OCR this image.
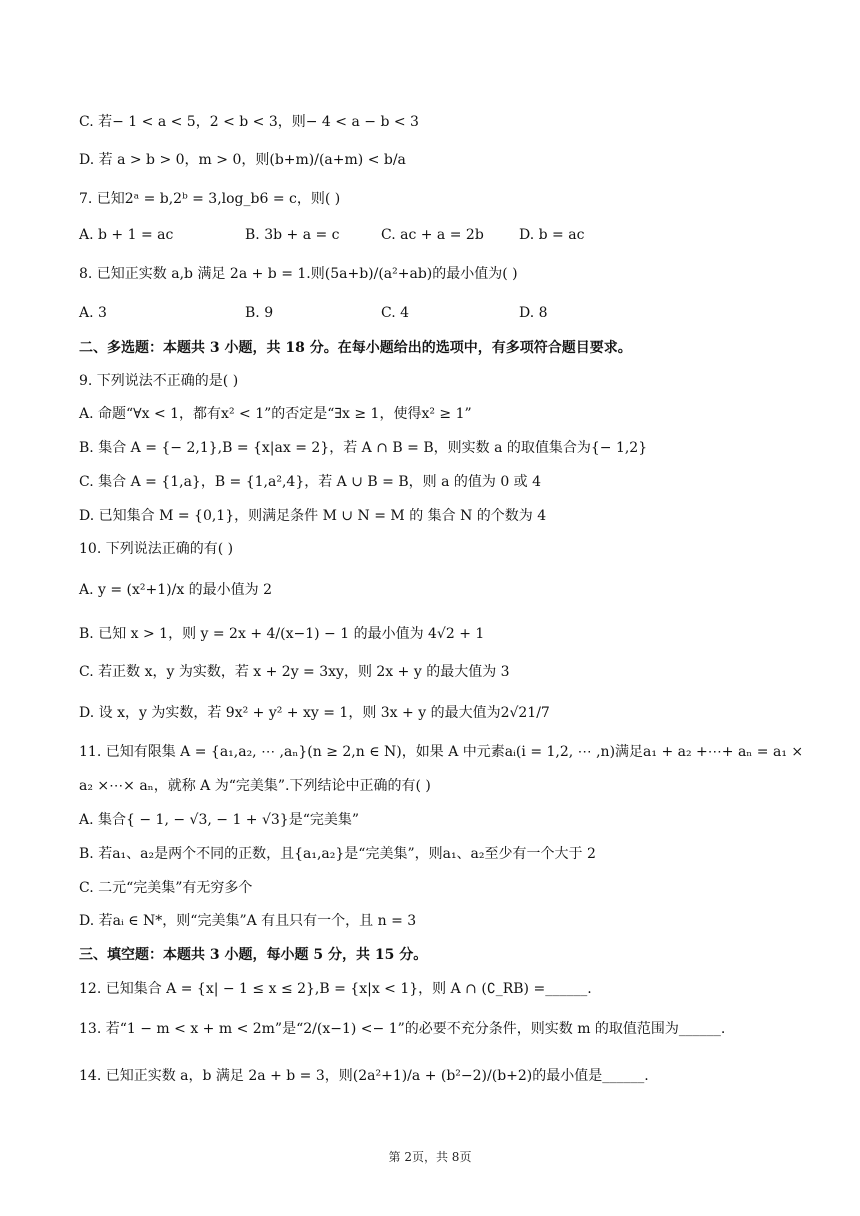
C. 若− 1 < a < 5，2 < b < 3，则− 4 < a − b < 3
D. 若 a > b > 0，m > 0，则(b+m)/(a+m) < b/a
7. 已知2ᵃ = b,2ᵇ = 3,log_b6 = c，则( )
A. b + 1 = ac	B. 3b + a = c	C. ac + a = 2b	D. b = ac
8. 已知正实数 a,b 满足 2a + b = 1.则(5a+b)/(a²+ab)的最小值为( )
A. 3	B. 9	C. 4	D. 8
二、多选题：本题共 3 小题，共 18 分。在每小题给出的选项中，有多项符合题目要求。
9. 下列说法不正确的是( )
A. 命题“∀x < 1，都有x² < 1”的否定是“∃x ≥ 1，使得x² ≥ 1”
B. 集合 A = {− 2,1},B = {x|ax = 2}，若 A ∩ B = B，则实数 a 的取值集合为{− 1,2}
C. 集合 A = {1,a}，B = {1,a²,4}，若 A ∪ B = B，则 a 的值为 0 或 4
D. 已知集合 M = {0,1}，则满足条件 M ∪ N = M 的 集合 N 的个数为 4
10. 下列说法正确的有( )
A. y = (x²+1)/x 的最小值为 2
B. 已知 x > 1，则 y = 2x + 4/(x−1) − 1 的最小值为 4√2 + 1
C. 若正数 x，y 为实数，若 x + 2y = 3xy，则 2x + y 的最大值为 3
D. 设 x，y 为实数，若 9x² + y² + xy = 1，则 3x + y 的最大值为2√21/7
11. 已知有限集 A = {a₁,a₂, ⋯ ,aₙ}(n ≥ 2,n ∈ N)，如果 A 中元素aᵢ(i = 1,2, ⋯ ,n)满足a₁ + a₂ +⋯+ aₙ = a₁ ×
a₂ ×⋯× aₙ，就称 A 为“完美集”.下列结论中正确的有( )
A. 集合{ − 1, − √3, − 1 + √3}是“完美集”
B. 若a₁、a₂是两个不同的正数，且{a₁,a₂}是“完美集”，则a₁、a₂至少有一个大于 2
C. 二元“完美集”有无穷多个
D. 若aᵢ ∈ N*，则“完美集”A 有且只有一个，且 n = 3
三、填空题：本题共 3 小题，每小题 5 分，共 15 分。
12. 已知集合 A = {x| − 1 ≤ x ≤ 2},B = {x|x < 1}，则 A ∩ (∁_RB) =______.
13. 若“1 − m < x + m < 2m”是“2/(x−1) <− 1”的必要不充分条件，则实数 m 的取值范围为______.
14. 已知正实数 a，b 满足 2a + b = 3，则(2a²+1)/a + (b²−2)/(b+2)的最小值是______.
第 2页，共 8页
